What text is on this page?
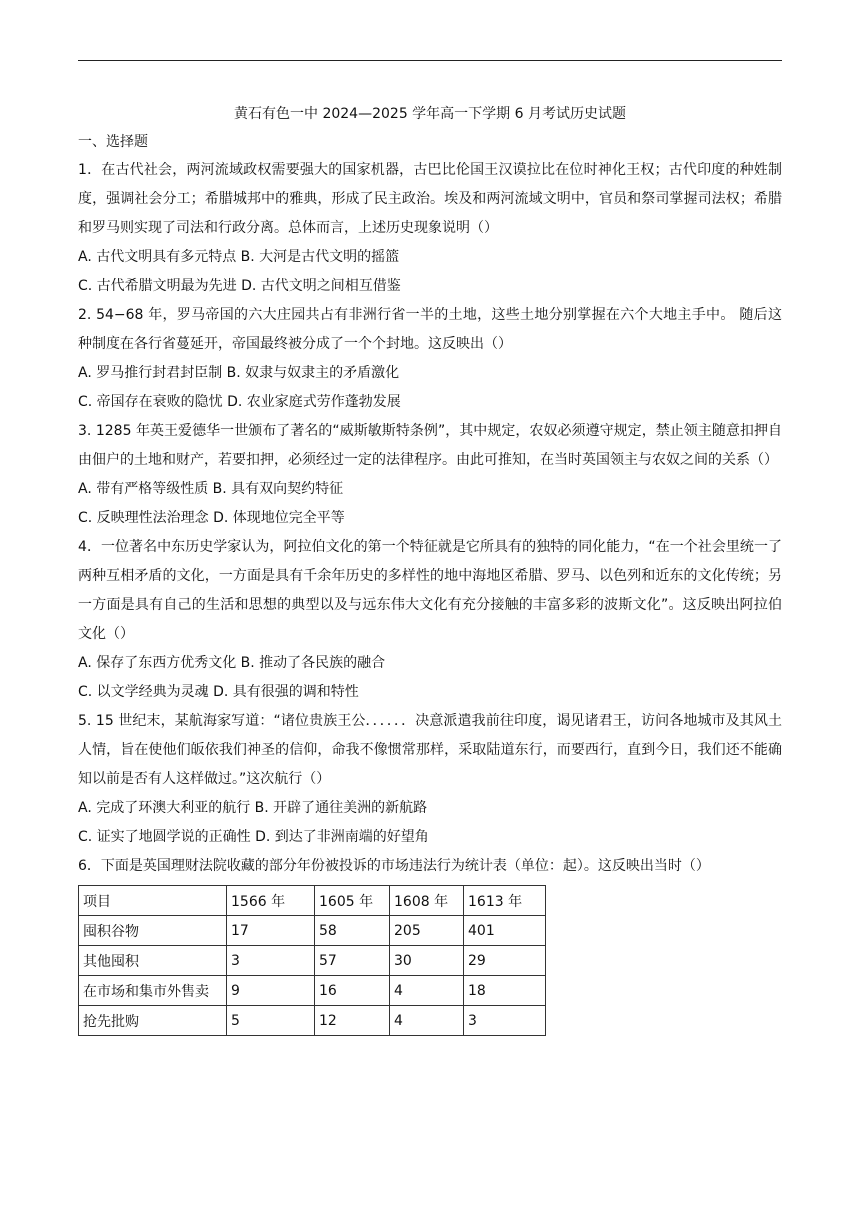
黄石有色一中 2024—2025 学年高一下学期 6 月考试历史试题
一、选择题
1．在古代社会，两河流域政权需要强大的国家机器，古巴比伦国王汉谟拉比在位时神化王权；古代印度的种姓制度，强调社会分工；希腊城邦中的雅典，形成了民主政治。埃及和两河流域文明中，官员和祭司掌握司法权；希腊和罗马则实现了司法和行政分离。总体而言，上述历史现象说明（）
A. 古代文明具有多元特点 B. 大河是古代文明的摇篮
C. 古代希腊文明最为先进 D. 古代文明之间相互借鉴
2. 54−68 年，罗马帝国的六大庄园共占有非洲行省一半的土地，这些土地分别掌握在六个大地主手中。 随后这种制度在各行省蔓延开，帝国最终被分成了一个个封地。这反映出（）
A. 罗马推行封君封臣制 B. 奴隶与奴隶主的矛盾激化
C. 帝国存在衰败的隐忧 D. 农业家庭式劳作蓬勃发展
3. 1285 年英王爱德华一世颁布了著名的“威斯敏斯特条例”，其中规定，农奴必须遵守规定，禁止领主随意扣押自由佃户的土地和财产，若要扣押，必须经过一定的法律程序。由此可推知，在当时英国领主与农奴之间的关系（）
A. 带有严格等级性质 B. 具有双向契约特征
C. 反映理性法治理念 D. 体现地位完全平等
4．一位著名中东历史学家认为，阿拉伯文化的第一个特征就是它所具有的独特的同化能力，“在一个社会里统一了两种互相矛盾的文化，一方面是具有千余年历史的多样性的地中海地区希腊、罗马、以色列和近东的文化传统；另一方面是具有自己的生活和思想的典型以及与远东伟大文化有充分接触的丰富多彩的波斯文化”。这反映出阿拉伯文化（）
A. 保存了东西方优秀文化 B. 推动了各民族的融合
C. 以文学经典为灵魂 D. 具有很强的调和特性
5. 15 世纪末，某航海家写道：“诸位贵族王公．．．．．．决意派遣我前往印度，谒见诸君王，访问各地城市及其风土人情，旨在使他们皈依我们神圣的信仰，命我不像惯常那样，采取陆道东行，而要西行，直到今日，我们还不能确知以前是否有人这样做过。”这次航行（）
A. 完成了环澳大利亚的航行 B. 开辟了通往美洲的新航路
C. 证实了地圆学说的正确性 D. 到达了非洲南端的好望角
6．下面是英国理财法院收藏的部分年份被投诉的市场违法行为统计表（单位：起）。这反映出当时（）
项目	1566 年	1605 年	1608 年	1613 年
囤积谷物	17	58	205	401
其他囤积	3	57	30	29
在市场和集市外售卖	9	16	4	18
抢先批购	5	12	4	3
